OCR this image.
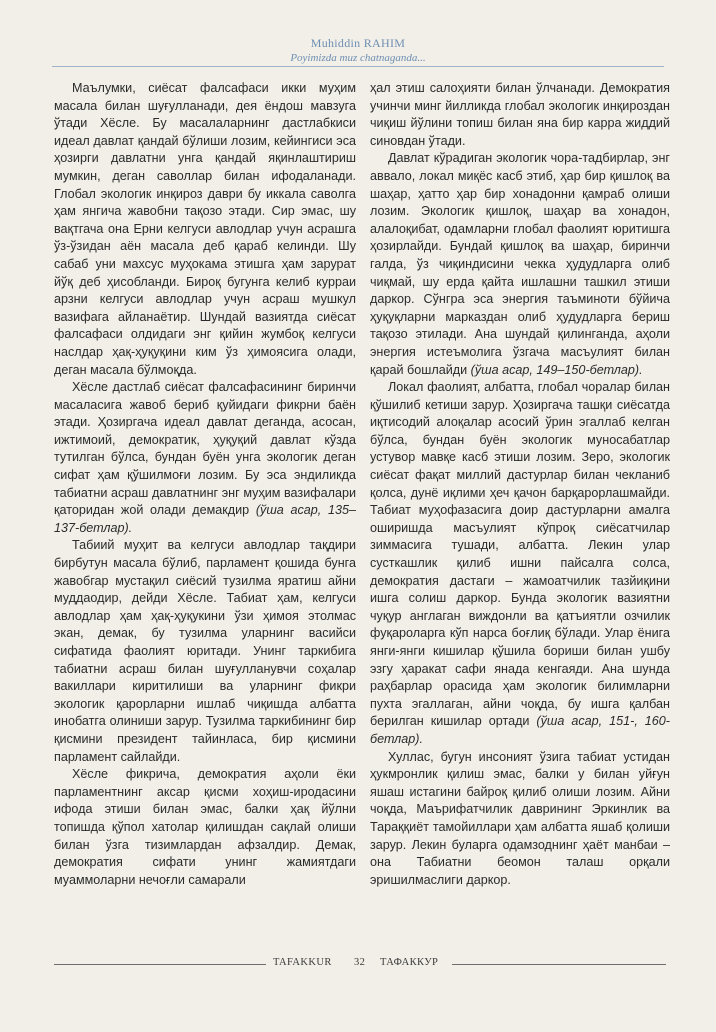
Muhiddin RAHIM
Poyimizda muz chatnaganda...

Маълумки, сиёсат фалсафаси икки муҳим масала билан шуғулланади, дея ёндош мавзуга ўтади Хёсле. Бу масалаларнинг дастлабкиси идеал давлат қандай бўлиши лозим, кейингиси эса ҳозирги давлатни унга қандай яқинлаштириш мумкин, деган саволлар билан ифодаланади. Глобал экологик инқироз даври бу иккала саволга ҳам янгича жавобни тақозо этади. Сир эмас, шу вақтгача она Ерни келгуси авлодлар учун асрашга ўз-ўзидан аён масала деб қараб келинди. Шу сабаб уни махсус муҳокама этишга ҳам зарурат йўқ деб ҳисобланди. Бироқ бугунга келиб курраи арзни келгуси авлодлар учун асраш мушкул вазифага айланаётир. Шундай вазиятда сиёсат фалсафаси олдидаги энг қийин жумбоқ келгуси наслдар ҳақ-ҳуқуқини ким ўз ҳимоясига олади, деган масала бўлмоқда.

Хёсле дастлаб сиёсат фалсафасининг биринчи масаласига жавоб бериб қуйидаги фикрни баён этади. Ҳозиргача идеал давлат деганда, асосан, ижтимоий, демократик, ҳуқуқий давлат кўзда тутилган бўлса, бундан буён унга экологик деган сифат ҳам қўшилмоғи лозим. Бу эса эндиликда табиатни асраш давлатнинг энг муҳим вазифалари қаторидан жой олади демакдир (ўша асар, 135–137-бетлар).

Табиий муҳит ва келгуси авлодлар тақдири бирбутун масала бўлиб, парламент қошида бунга жавобгар мустақил сиёсий тузилма яратиш айни муддаодир, дейди Хёсле. Табиат ҳам, келгуси авлодлар ҳам ҳақ-ҳуқукини ўзи ҳимоя этолмас экан, демак, бу тузилма уларнинг васийси сифатида фаолият юритади. Унинг таркибига табиатни асраш билан шуғулланувчи соҳалар вакиллари киритилиши ва уларнинг фикри экологик қарорларни ишлаб чиқишда албатта инобатга олиниши зарур. Тузилма таркибининг бир қисмини президент тайинласа, бир қисмини парламент сайлайди.

Хёсле фикрича, демократия аҳоли ёки парламентнинг аксар қисми хоҳиш-иродасини ифода этиши билан эмас, балки ҳақ йўлни топишда қўпол хатолар қилишдан сақлай олиши билан ўзга тизимлардан афзалдир. Демак, демократия сифати унинг жамиятдаги муаммоларни нечоғли самарали

ҳал этиш салоҳияти билан ўлчанади. Демократия учинчи минг йилликда глобал экологик инқироздан чиқиш йўлини топиш билан яна бир карра жиддий синовдан ўтади.

Давлат кўрадиган экологик чора-тадбирлар, энг аввало, локал миқёс касб этиб, ҳар бир қишлоқ ва шаҳар, ҳатто ҳар бир хонадонни қамраб олиши лозим. Экологик қишлоқ, шаҳар ва хонадон, алалоқибат, одамларни глобал фаолият юритишга ҳозирлайди. Бундай қишлоқ ва шаҳар, биринчи галда, ўз чиқиндисини чекка ҳудудларга олиб чиқмай, шу ерда қайта ишлашни ташкил этиши даркор. Сўнгра эса энергия таъминоти бўйича ҳуқуқларни марказдан олиб ҳудудларга бериш тақозо этилади. Ана шундай қилинганда, аҳоли энергия истеъмолига ўзгача масъулият билан қарай бошлайди (ўша асар, 149–150-бетлар).

Локал фаолият, албатта, глобал чоралар билан қўшилиб кетиши зарур. Ҳозиргача ташқи сиёсатда иқтисодий алоқалар асосий ўрин эгаллаб келган бўлса, бундан буён экологик муносабатлар устувор мавқе касб этиши лозим. Зеро, экологик сиёсат фақат миллий дастурлар билан чекланиб қолса, дунё иқлими ҳеч қачон барқарорлашмайди. Табиат муҳофазасига доир дастурларни амалга оширишда масъулият кўпроқ сиёсатчилар зиммасига тушади, албатта. Лекин улар сусткашлик қилиб ишни пайсалга солса, демократия дастаги – жамоатчилик тазйиқини ишга солиш даркор. Бунда экологик вазиятни чуқур англаган виждонли ва қатъиятли озчилик фуқароларга кўп нарса боғлиқ бўлади. Улар ёнига янги-янги кишилар қўшила бориши билан ушбу эзгу ҳаракат сафи янада кенгаяди. Ана шунда раҳбарлар орасида ҳам экологик билимларни пухта эгаллаган, айни чоқда, бу ишга қалбан берилган кишилар ортади (ўша асар, 151-, 160-бетлар).

Хуллас, бугун инсоният ўзига табиат устидан ҳукмронлик қилиш эмас, балки у билан уйғун яшаш истагини байроқ қилиб олиши лозим. Айни чоқда, Маърифатчилик даврининг Эркинлик ва Тараққиёт тамойиллари ҳам албатта яшаб қолиши зарур. Лекин буларга одамзоднинг ҳаёт манбаи – она Табиатни беомон талаш орқали эришилмаслиги даркор.

TAFAKKUR 32 ТАФАККУР
